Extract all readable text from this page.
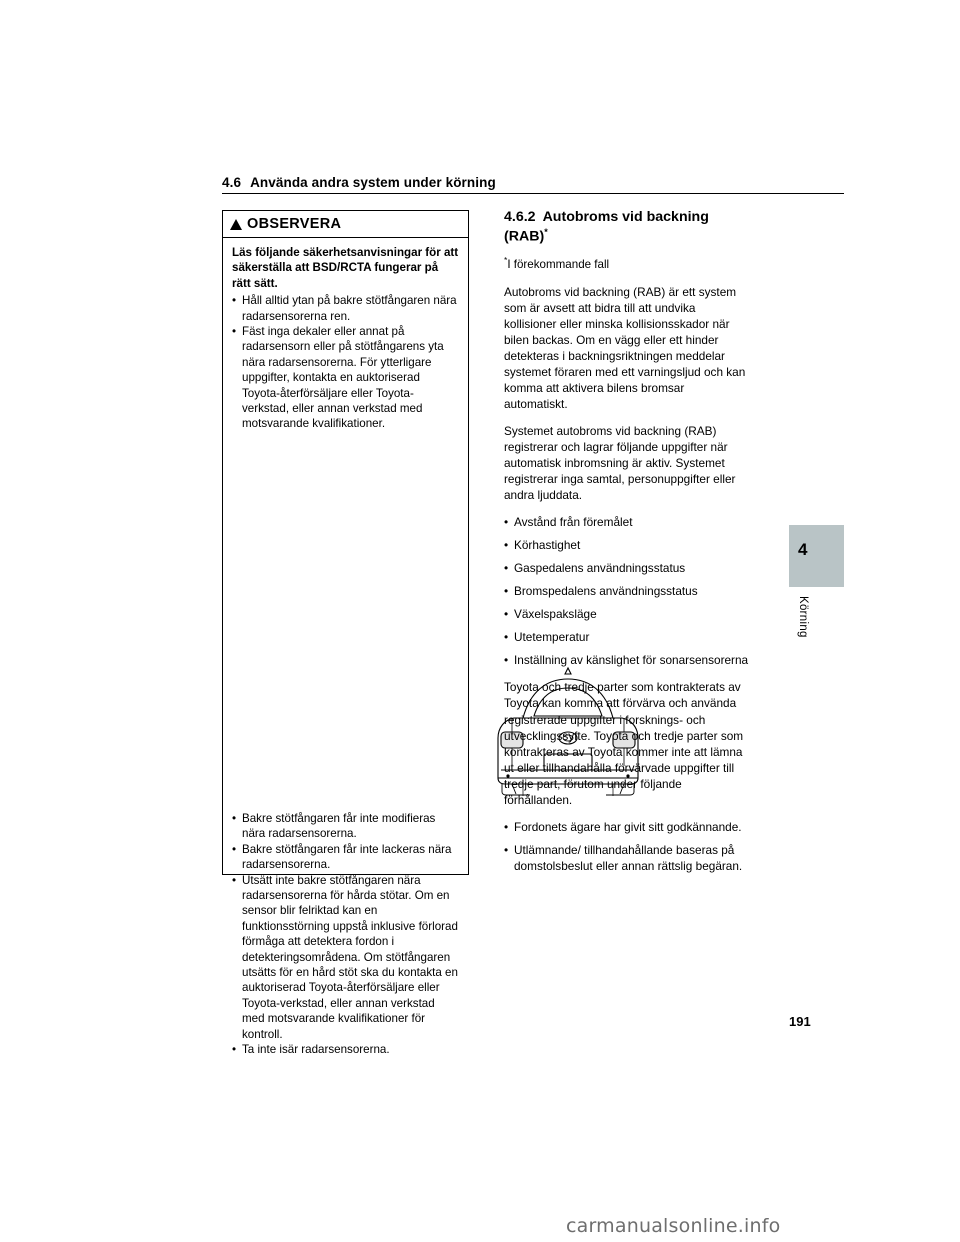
4.6 Använda andra system under körning
4
Körning
OBSERVERA

Läs följande säkerhetsanvisningar för att säkerställa att BSD/RCTA fungerar på rätt sätt.

• Håll alltid ytan på bakre stötfångaren nära radarsensorerna ren.
• Fäst inga dekaler eller annat på radarsensorn eller på stötfångarens yta nära radarsensorerna. För ytterligare uppgifter, kontakta en auktoriserad Toyota-återförsäljare eller Toyota-verkstad, eller annan verkstad med motsvarande kvalifikationer.
• Bakre stötfångaren får inte modifieras nära radarsensorerna.
• Bakre stötfångaren får inte lackeras nära radarsensorerna.
• Utsätt inte bakre stötfångaren nära radarsensorerna för hårda stötar. Om en sensor blir felriktad kan en funktionsstörning uppstå inklusive förlorad förmåga att detektera fordon i detekteringsområdena. Om stötfångaren utsätts för en hård stöt ska du kontakta en auktoriserad Toyota-återförsäljare eller Toyota-verkstad, eller annan verkstad med motsvarande kvalifikationer för kontroll.
• Ta inte isär radarsensorerna.
4.6.2 Autobroms vid backning (RAB)*
*I förekommande fall

Autobroms vid backning (RAB) är ett system som är avsett att bidra till att undvika kollisioner eller minska kollisionsskador när bilen backas. Om en vägg eller ett hinder detekteras i backningsriktningen meddelar systemet föraren med ett varningsljud och kan komma att aktivera bilens bromsar automatiskt.

Systemet autobroms vid backning (RAB) registrerar och lagrar följande uppgifter när automatisk inbromsning är aktiv. Systemet registrerar inga samtal, personuppgifter eller andra ljuddata.

• Avstånd från föremålet
• Körhastighet
• Gaspedalens användningsstatus
• Bromspedalens användningsstatus
• Växelspaksläge
• Utetemperatur
• Inställning av känslighet för sonarsensorerna

Toyota och tredje parter som kontrakterats av Toyota kan komma att förvärva och använda registrerade uppgifter i forsknings- och utvecklingssyfte. Toyota och tredje parter som kontrakteras av Toyota kommer inte att lämna ut eller tillhandahålla förvärvade uppgifter till tredje part, förutom under följande förhållanden.

• Fordonets ägare har givit sitt godkännande.
• Utlämnande/ tillhandahållande baseras på domstolsbeslut eller annan rättslig begäran.
191
carmanualsonline.info
